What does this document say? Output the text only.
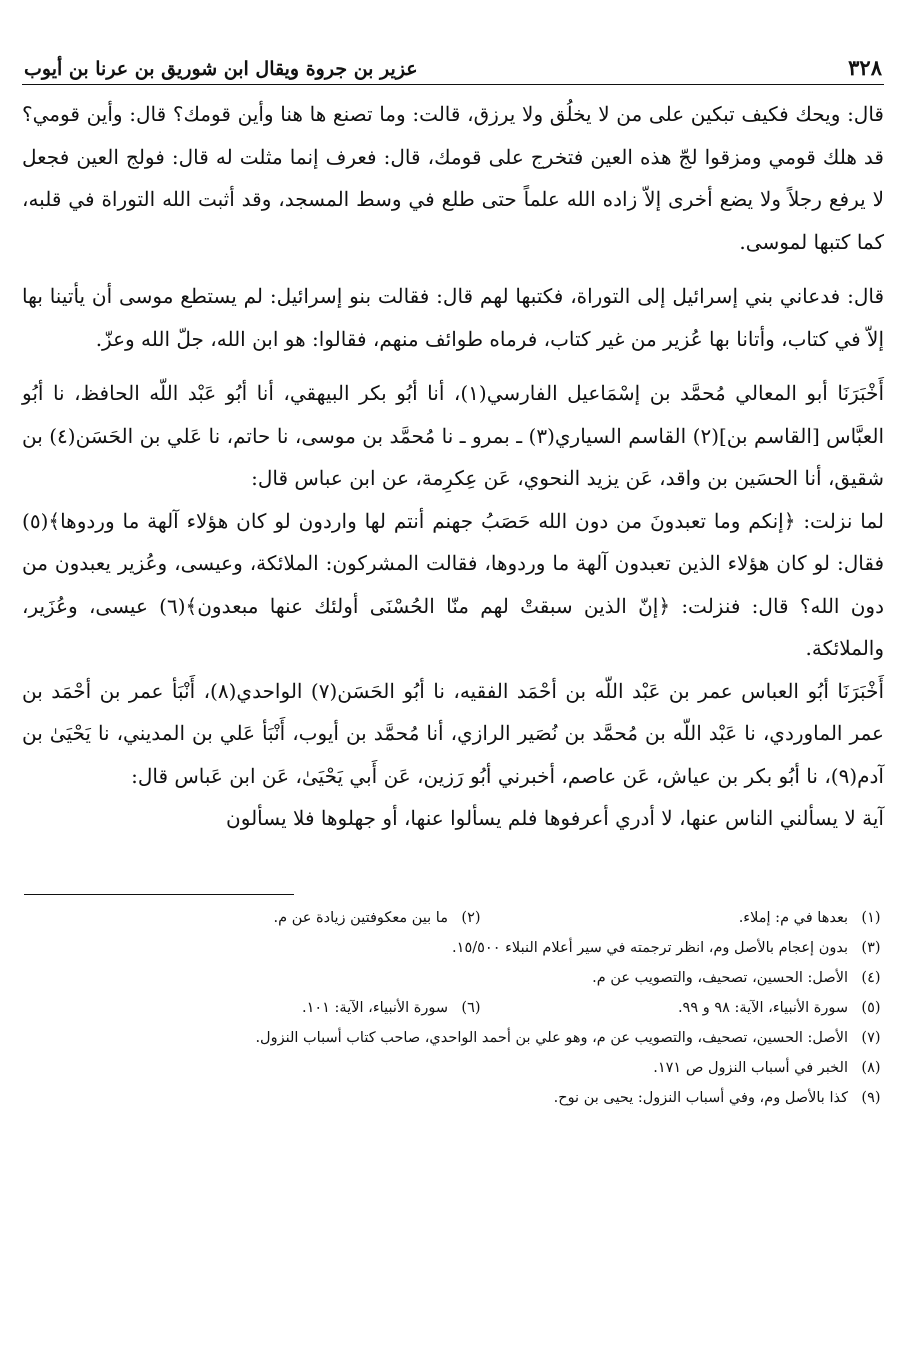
٣٢٨
عزير بن جروة ويقال ابن شوريق بن عرنا بن أيوب

قال: ويحك فكيف تبكين على من لا يخلُق ولا يرزق، قالت: وما تصنع ها هنا وأين قومك؟ قال: وأين قومي؟ قد هلك قومي ومزقوا لجّ هذه العين فتخرج على قومك، قال: فعرف إنما مثلت له قال: فولج العين فجعل لا يرفع رجلاً ولا يضع أخرى إلاّ زاده الله علماً حتى طلع في وسط المسجد، وقد أثبت الله التوراة في قلبه، كما كتبها لموسى.

قال: فدعاني بني إسرائيل إلى التوراة، فكتبها لهم قال: فقالت بنو إسرائيل: لم يستطع موسى أن يأتينا بها إلاّ في كتاب، وأتانا بها عُزير من غير كتاب، فرماه طوائف منهم، فقالوا: هو ابن الله، جلّ الله وعزّ.

أَخْبَرَنَا أبو المعالي مُحمَّد بن إسْمَاعيل الفارسي(١)، أنا أبُو بكر البيهقي، أنا أبُو عَبْد اللّه الحافظ، نا أبُو العبَّاس [القاسم بن](٢) القاسم السياري(٣) ـ بمرو ـ نا مُحمَّد بن موسى، نا حاتم، نا عَلي بن الحَسَن(٤) بن شقيق، أنا الحسَين بن واقد، عَن يزيد النحوي، عَن عِكرِمة، عن ابن عباس قال:

لما نزلت: ﴿إنكم وما تعبدونَ من دون الله حَصَبُ جهنم أنتم لها واردون لو كان هؤلاء آلهة ما وردوها﴾(٥) فقال: لو كان هؤلاء الذين تعبدون آلهة ما وردوها، فقالت المشركون: الملائكة، وعيسى، وعُزير يعبدون من دون الله؟ قال: فنزلت: ﴿إنّ الذين سبقتْ لهم منّا الحُسْنَى أولئك عنها مبعدون﴾(٦) عيسى، وعُزَير، والملائكة.

أَخْبَرَنَا أبُو العباس عمر بن عَبْد اللّه بن أحْمَد الفقيه، نا أبُو الحَسَن(٧) الواحدي(٨)، أَنْبَأ عمر بن أحْمَد بن عمر الماوردي، نا عَبْد اللّه بن مُحمَّد بن نُصَير الرازي، أنا مُحمَّد بن أيوب، أَنْبَأ عَلي بن المديني، نا يَحْيَىٰ بن آدم(٩)، نا أبُو بكر بن عياش، عَن عاصم، أخبرني أبُو رَزين، عَن أَبي يَحْيَىٰ، عَن ابن عَباس قال:

آية لا يسألني الناس عنها، لا أدري أعرفوها فلم يسألوا عنها، أو جهلوها فلا يسألون

(١)
بعدها في م: إملاء.
(٢)
ما بين معكوفتين زيادة عن م.
(٣)
بدون إعجام بالأصل وم، انظر ترجمته في سير أعلام النبلاء ١٥/٥٠٠.
(٤)
الأصل: الحسين، تصحيف، والتصويب عن م.
(٥)
سورة الأنبياء، الآية: ٩٨ و ٩٩.
(٦)
سورة الأنبياء، الآية: ١٠١.
(٧)
الأصل: الحسين، تصحيف، والتصويب عن م، وهو علي بن أحمد الواحدي، صاحب كتاب أسباب النزول.
(٨)
الخبر في أسباب النزول ص ١٧١.
(٩)
كذا بالأصل وم، وفي أسباب النزول: يحيى بن نوح.
